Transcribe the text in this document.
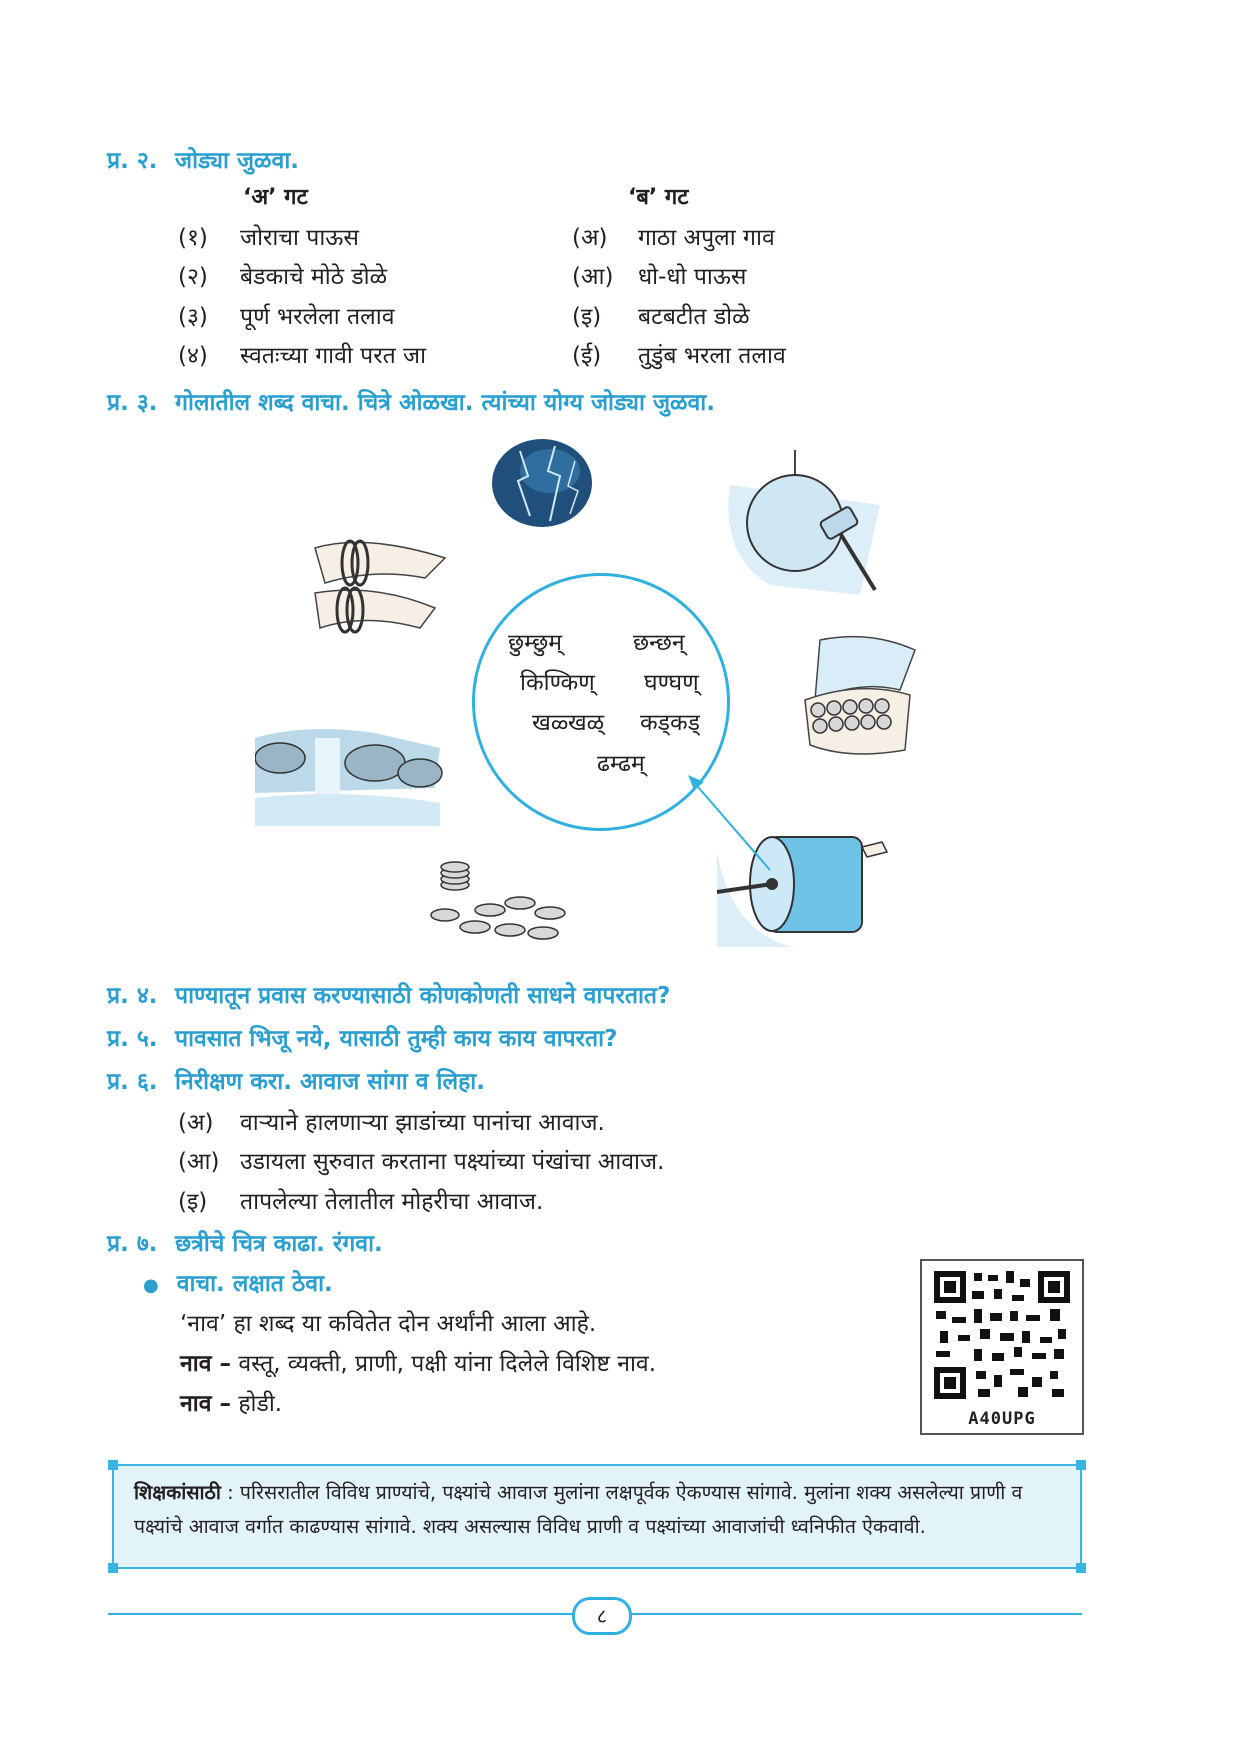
प्र. २. जोड्या जुळवा.
‘अ’ गट	‘ब’ गट
(१) जोराचा पाऊस
(२) बेडकाचे मोठे डोळे
(३) पूर्ण भरलेला तलाव
(४) स्वतःच्या गावी परत जा
(अ) गाठा अपुला गाव
(आ) धो-धो पाऊस
(इ) बटबटीत डोळे
(ई) तुडुंब भरला तलाव
प्र. ३. गोलातील शब्द वाचा. चित्रे ओळखा. त्यांच्या योग्य जोड्या जुळवा.
छुम्छुम्	छन्छन्
किण्किण् घण्घण्
खळ्खळ् कड्कड्
ढम्ढम्
प्र. ४. पाण्यातून प्रवास करण्यासाठी कोणकोणती साधने वापरतात?
प्र. ५. पावसात भिजू नये, यासाठी तुम्ही काय काय वापरता?
प्र. ६. निरीक्षण करा. आवाज सांगा व लिहा.
(अ) वाऱ्याने हालणाऱ्या झाडांच्या पानांचा आवाज.
(आ) उडायला सुरुवात करताना पक्ष्यांच्या पंखांचा आवाज.
(इ) तापलेल्या तेलातील मोहरीचा आवाज.
प्र. ७. छत्रीचे चित्र काढा. रंगवा.
● वाचा. लक्षात ठेवा.
‘नाव’ हा शब्द या कवितेत दोन अर्थांनी आला आहे.
नाव – वस्तू, व्यक्ती, प्राणी, पक्षी यांना दिलेले विशिष्ट नाव.
नाव – होडी.
A40UPG
शिक्षकांसाठी : परिसरातील विविध प्राण्यांचे, पक्ष्यांचे आवाज मुलांना लक्षपूर्वक ऐकण्यास सांगावे. मुलांना शक्य असलेल्या प्राणी व पक्ष्यांचे आवाज वर्गात काढण्यास सांगावे. शक्य असल्यास विविध प्राणी व पक्ष्यांच्या आवाजांची ध्वनिफीत ऐकवावी.
८
